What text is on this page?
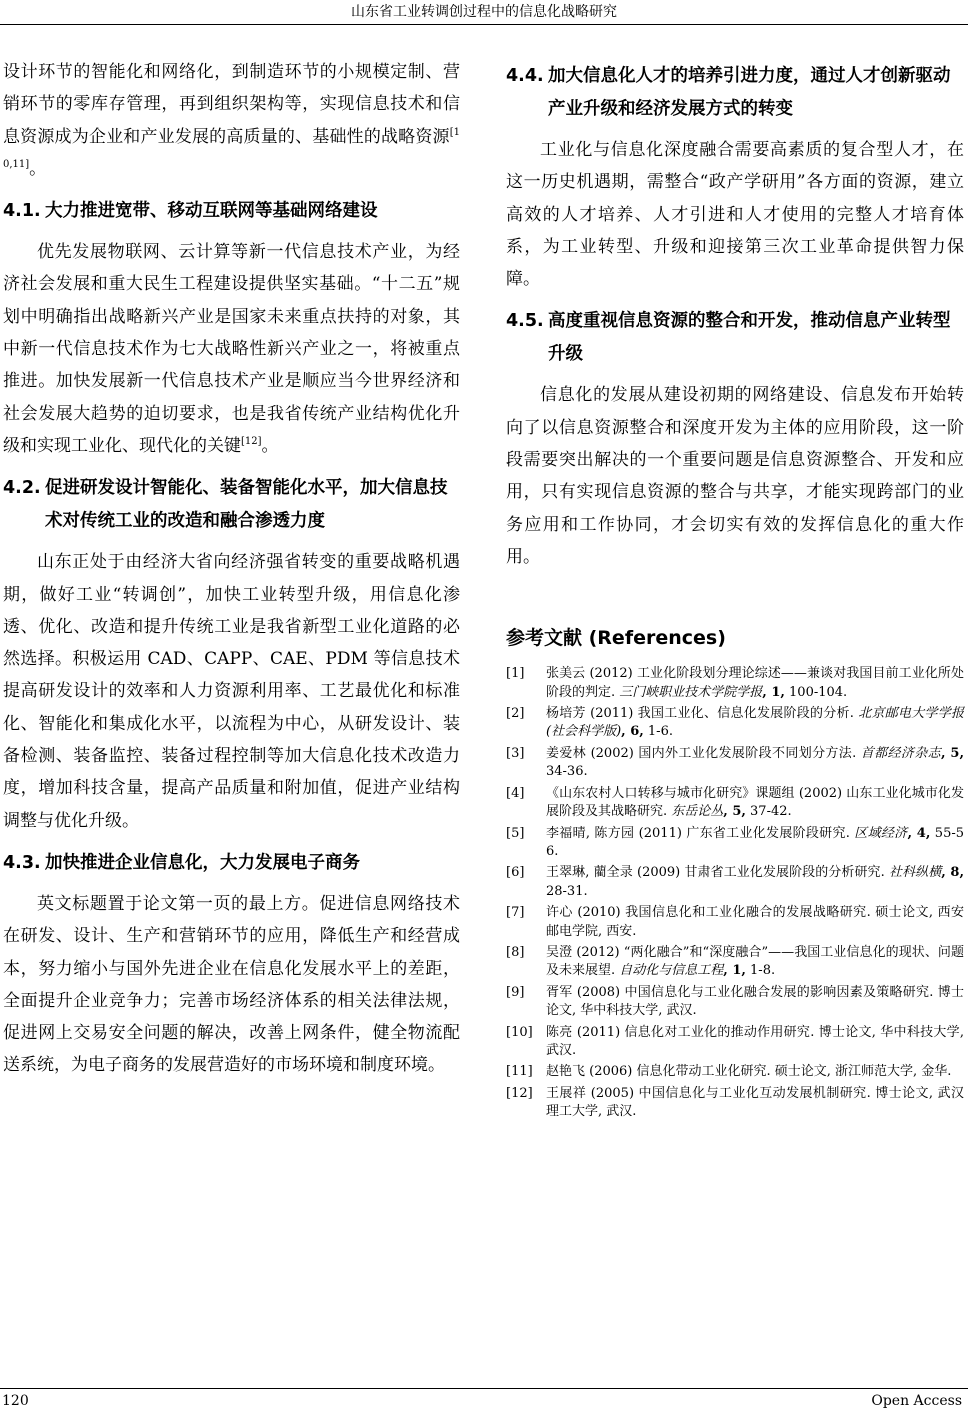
山东省工业转调创过程中的信息化战略研究

设计环节的智能化和网络化，到制造环节的小规模定制、营销环节的零库存管理，再到组织架构等，实现信息技术和信息资源成为企业和产业发展的高质量的、基础性的战略资源[10,11]。

4.1. 大力推进宽带、移动互联网等基础网络建设

优先发展物联网、云计算等新一代信息技术产业，为经济社会发展和重大民生工程建设提供坚实基础。“十二五”规划中明确指出战略新兴产业是国家未来重点扶持的对象，其中新一代信息技术作为七大战略性新兴产业之一，将被重点推进。加快发展新一代信息技术产业是顺应当今世界经济和社会发展大趋势的迫切要求，也是我省传统产业结构优化升级和实现工业化、现代化的关键[12]。

4.2. 促进研发设计智能化、装备智能化水平，加大信息技术对传统工业的改造和融合渗透力度

山东正处于由经济大省向经济强省转变的重要战略机遇期，做好工业“转调创”，加快工业转型升级，用信息化渗透、优化、改造和提升传统工业是我省新型工业化道路的必然选择。积极运用 CAD、CAPP、CAE、PDM 等信息技术提高研发设计的效率和人力资源利用率、工艺最优化和标准化、智能化和集成化水平，以流程为中心，从研发设计、装备检测、装备监控、装备过程控制等加大信息化技术改造力度，增加科技含量，提高产品质量和附加值，促进产业结构调整与优化升级。

4.3. 加快推进企业信息化，大力发展电子商务

英文标题置于论文第一页的最上方。促进信息网络技术在研发、设计、生产和营销环节的应用，降低生产和经营成本，努力缩小与国外先进企业在信息化发展水平上的差距，全面提升企业竞争力；完善市场经济体系的相关法律法规，促进网上交易安全问题的解决，改善上网条件，健全物流配送系统，为电子商务的发展营造好的市场环境和制度环境。

4.4. 加大信息化人才的培养引进力度，通过人才创新驱动产业升级和经济发展方式的转变

工业化与信息化深度融合需要高素质的复合型人才，在这一历史机遇期，需整合“政产学研用”各方面的资源，建立高效的人才培养、人才引进和人才使用的完整人才培育体系，为工业转型、升级和迎接第三次工业革命提供智力保障。

4.5. 高度重视信息资源的整合和开发，推动信息产业转型升级

信息化的发展从建设初期的网络建设、信息发布开始转向了以信息资源整合和深度开发为主体的应用阶段，这一阶段需要突出解决的一个重要问题是信息资源整合、开发和应用，只有实现信息资源的整合与共享，才能实现跨部门的业务应用和工作协同，才会切实有效的发挥信息化的重大作用。

参考文献 (References)
[1]	张美云 (2012) 工业化阶段划分理论综述——兼谈对我国目前工业化所处阶段的判定. 三门峡职业技术学院学报, 1, 100-104.
[2]	杨培芳 (2011) 我国工业化、信息化发展阶段的分析. 北京邮电大学学报(社会科学版), 6, 1-6.
[3]	姜爱林 (2002) 国内外工业化发展阶段不同划分方法. 首都经济杂志, 5, 34-36.
[4]	《山东农村人口转移与城市化研究》课题组 (2002) 山东工业化城市化发展阶段及其战略研究. 东岳论丛, 5, 37-42.
[5]	李福晴, 陈方园 (2011) 广东省工业化发展阶段研究. 区域经济, 4, 55-56.
[6]	王翠琳, 藺全录 (2009) 甘肃省工业化发展阶段的分析研究. 社科纵横, 8, 28-31.
[7]	许心 (2010) 我国信息化和工业化融合的发展战略研究. 硕士论文, 西安邮电学院, 西安.
[8]	吴澄 (2012) “两化融合”和“深度融合”——我国工业信息化的现状、问题及未来展望. 自动化与信息工程, 1, 1-8.
[9]	胥军 (2008) 中国信息化与工业化融合发展的影响因素及策略研究. 博士论文, 华中科技大学, 武汉.
[10]	陈亮 (2011) 信息化对工业化的推动作用研究. 博士论文, 华中科技大学, 武汉.
[11]	赵艳飞 (2006) 信息化带动工业化研究. 硕士论文, 浙江师范大学, 金华.
[12]	王展祥 (2005) 中国信息化与工业化互动发展机制研究. 博士论文, 武汉理工大学, 武汉.
120	Open Access
